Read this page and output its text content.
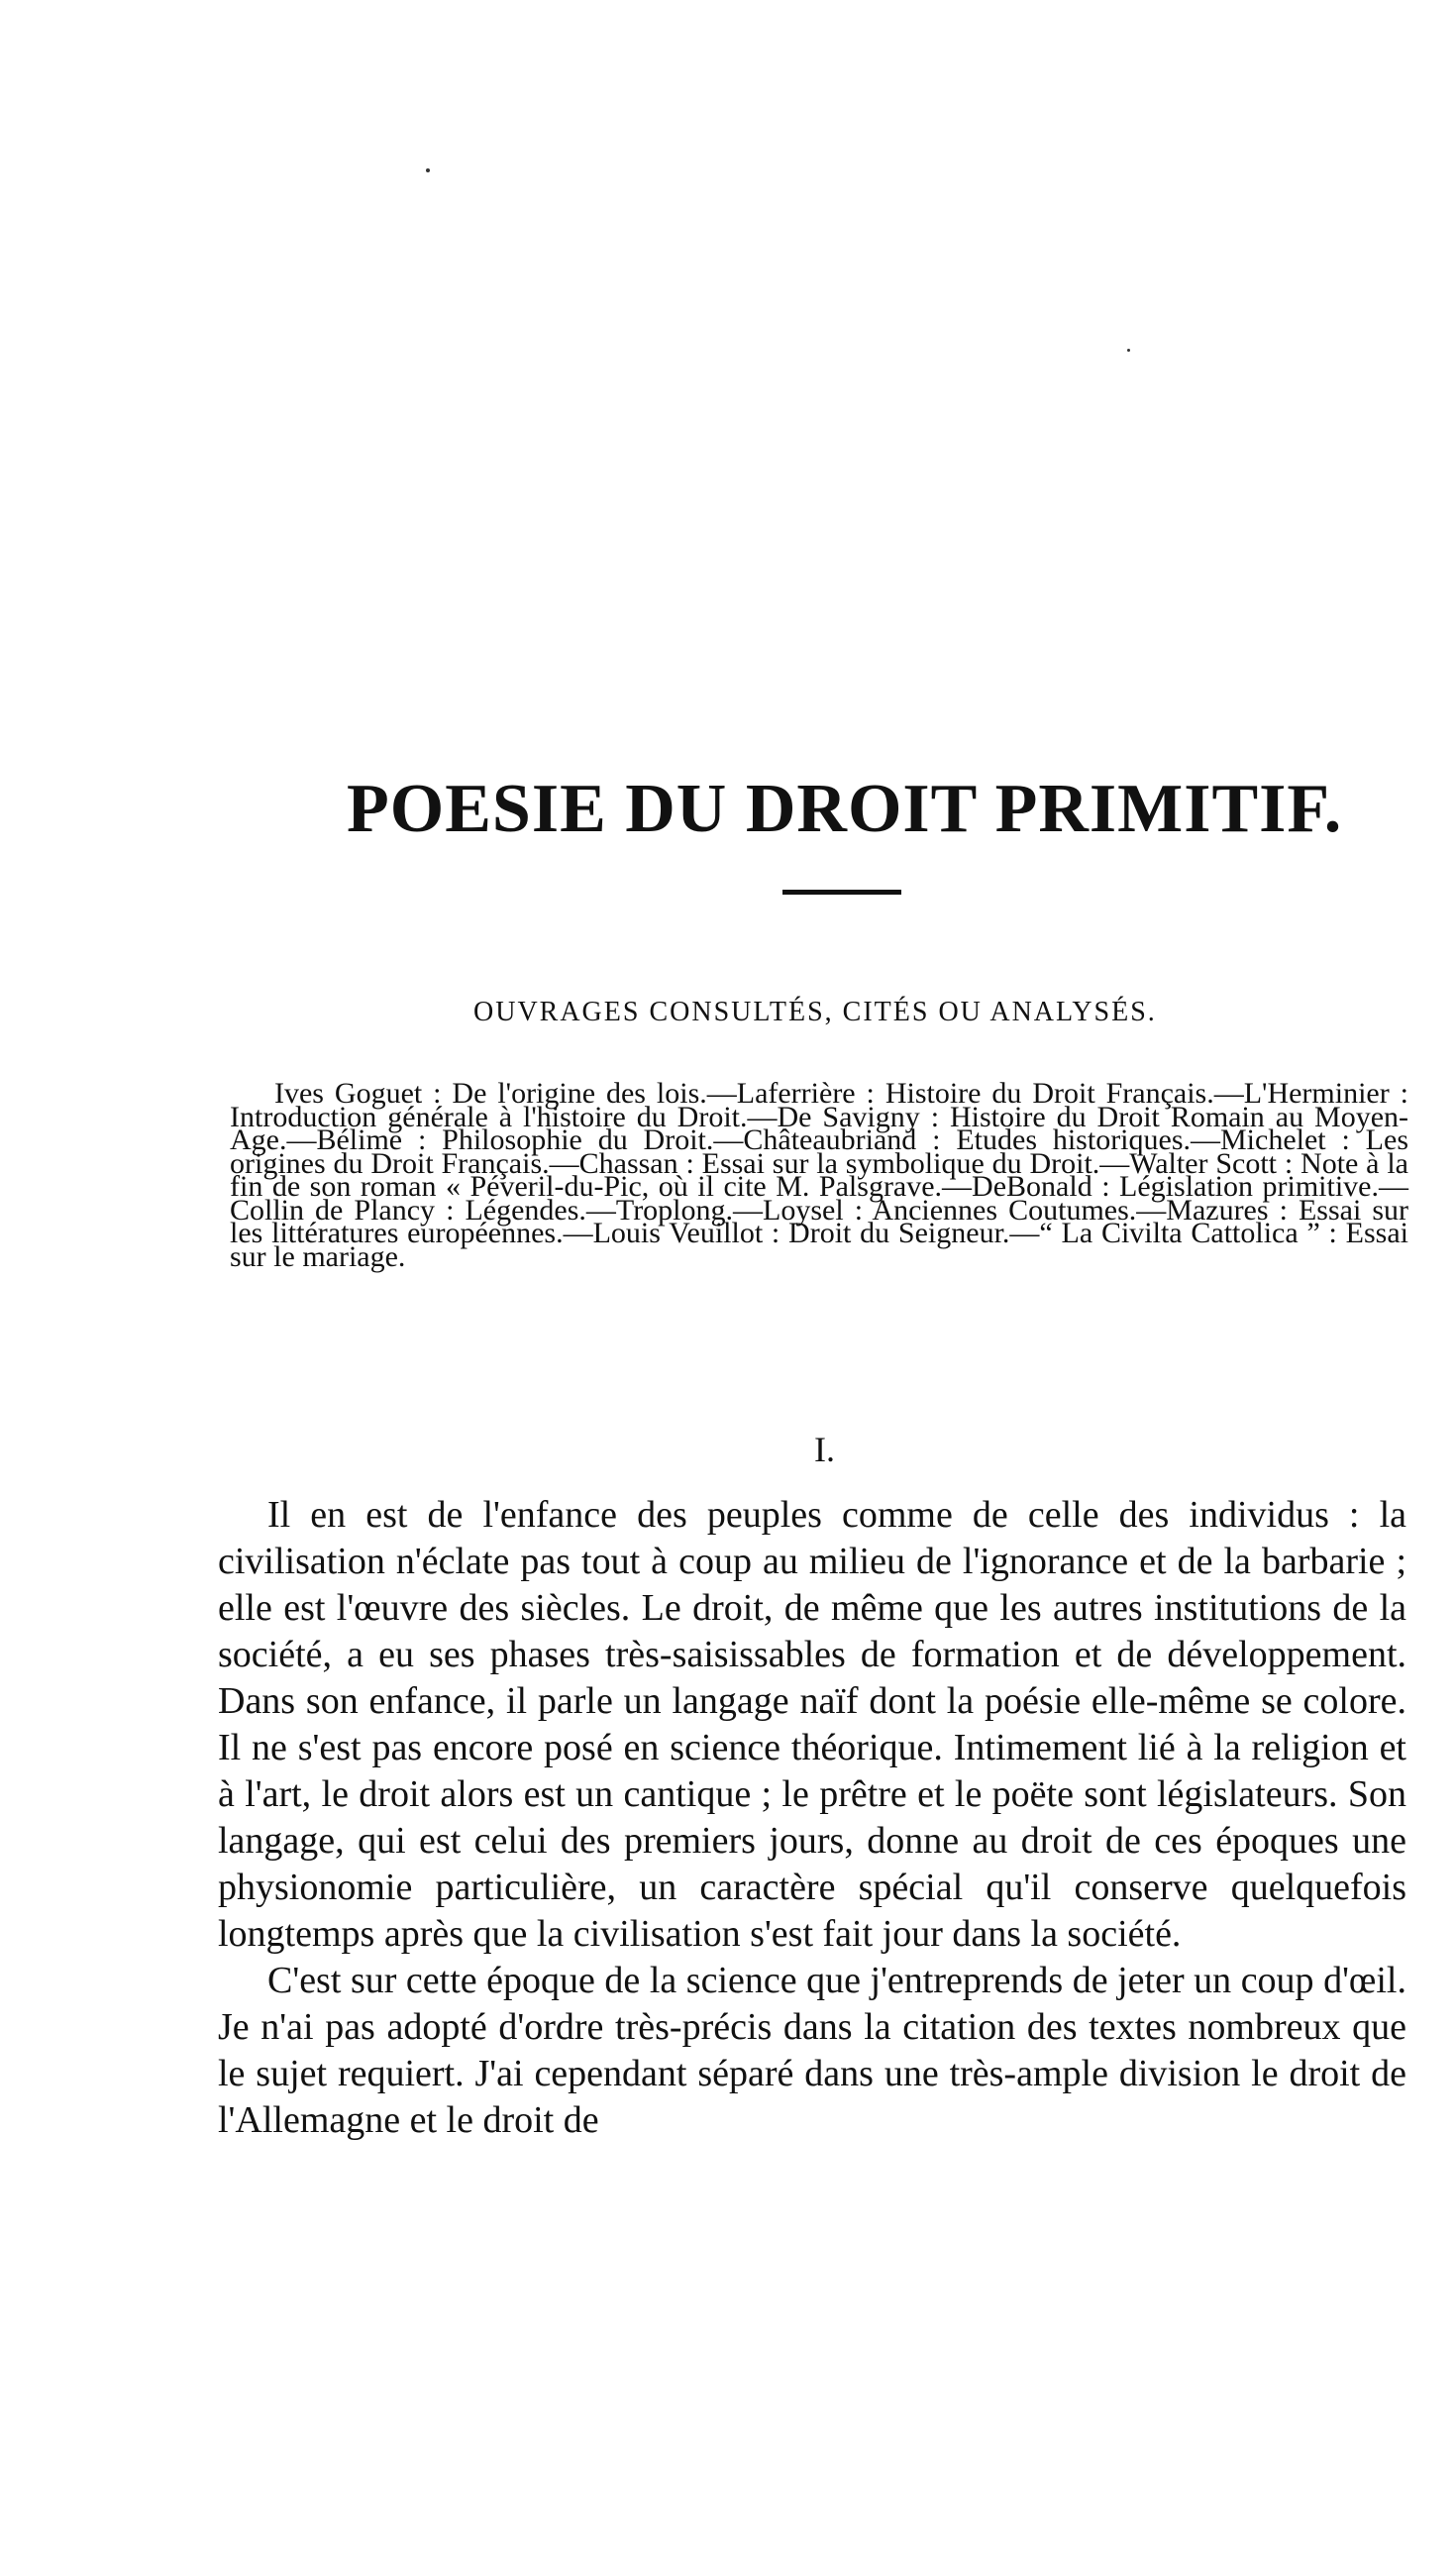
POESIE DU DROIT PRIMITIF.
OUVRAGES CONSULTÉS, CITÉS OU ANALYSÉS.

Ives Goguet : De l'origine des lois.—Laferrière : Histoire du Droit Français.—L'Herminier : Introduction générale à l'histoire du Droit.—De Savigny : Histoire du Droit Romain au Moyen-Age.—Bélime : Philosophie du Droit.—Châteaubriand : Etudes historiques.—Michelet : Les origines du Droit Français.—Chassan : Essai sur la symbolique du Droit.—Walter Scott : Note à la fin de son roman « Péveril-du-Pic, où il cite M. Palsgrave.—DeBonald : Législation primitive.—Collin de Plancy : Légendes.—Troplong.—Loysel : Anciennes Coutumes.—Mazures : Essai sur les littératures européennes.—Louis Veuillot : Droit du Seigneur.—“ La Civilta Cattolica ” : Essai sur le mariage.

I.

Il en est de l'enfance des peuples comme de celle des individus : la civilisation n'éclate pas tout à coup au milieu de l'ignorance et de la barbarie ; elle est l'œuvre des siècles. Le droit, de même que les autres institutions de la société, a eu ses phases très-saisissables de formation et de développement. Dans son enfance, il parle un langage naïf dont la poésie elle-même se colore. Il ne s'est pas encore posé en science théorique. Intimement lié à la religion et à l'art, le droit alors est un cantique ; le prêtre et le poëte sont législateurs. Son langage, qui est celui des premiers jours, donne au droit de ces époques une physionomie particulière, un caractère spécial qu'il conserve quelquefois longtemps après que la civilisation s'est fait jour dans la société.

C'est sur cette époque de la science que j'entreprends de jeter un coup d'œil. Je n'ai pas adopté d'ordre très-précis dans la citation des textes nombreux que le sujet requiert. J'ai cependant séparé dans une très-ample division le droit de l'Allemagne et le droit de
